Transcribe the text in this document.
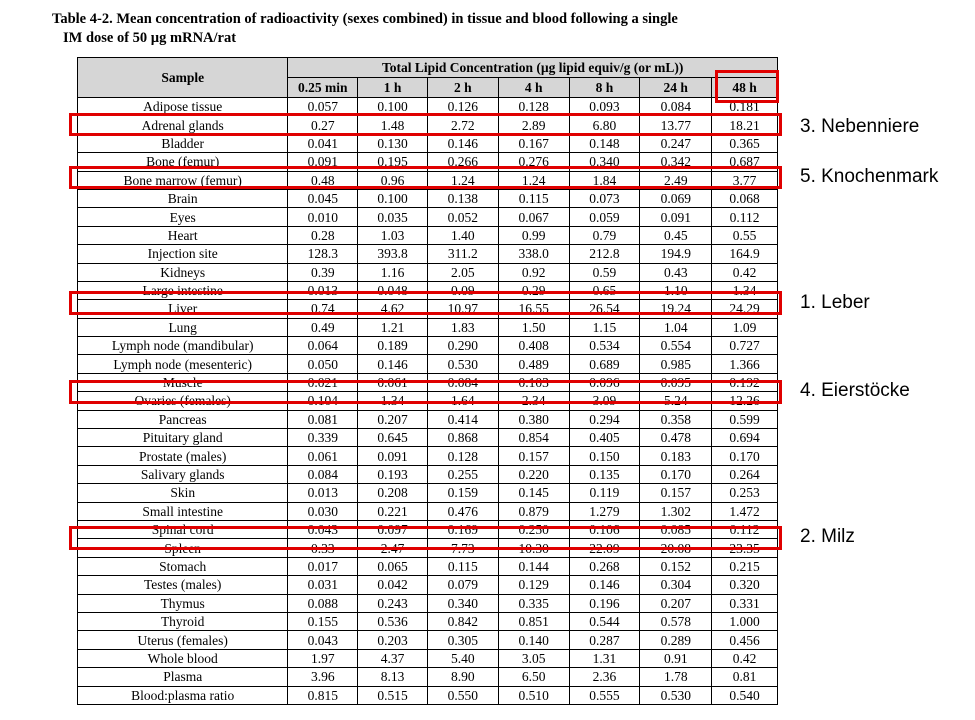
Table 4-2. Mean concentration of radioactivity (sexes combined) in tissue and blood following a single
IM dose of 50 µg mRNA/rat
Sample	Total Lipid Concentration (µg lipid equiv/g (or mL))						
	0.25 min	1 h	2 h	4 h	8 h	24 h	48 h
Adipose tissue	0.057	0.100	0.126	0.128	0.093	0.084	0.181
Adrenal glands	0.27	1.48	2.72	2.89	6.80	13.77	18.21
Bladder	0.041	0.130	0.146	0.167	0.148	0.247	0.365
Bone (femur)	0.091	0.195	0.266	0.276	0.340	0.342	0.687
Bone marrow (femur)	0.48	0.96	1.24	1.24	1.84	2.49	3.77
Brain	0.045	0.100	0.138	0.115	0.073	0.069	0.068
Eyes	0.010	0.035	0.052	0.067	0.059	0.091	0.112
Heart	0.28	1.03	1.40	0.99	0.79	0.45	0.55
Injection site	128.3	393.8	311.2	338.0	212.8	194.9	164.9
Kidneys	0.39	1.16	2.05	0.92	0.59	0.43	0.42
Large intestine	0.013	0.048	0.09	0.29	0.65	1.10	1.34
Liver	0.74	4.62	10.97	16.55	26.54	19.24	24.29
Lung	0.49	1.21	1.83	1.50	1.15	1.04	1.09
Lymph node (mandibular)	0.064	0.189	0.290	0.408	0.534	0.554	0.727
Lymph node (mesenteric)	0.050	0.146	0.530	0.489	0.689	0.985	1.366
Muscle	0.021	0.061	0.084	0.103	0.096	0.095	0.192
Ovaries (females)	0.104	1.34	1.64	2.34	3.09	5.24	12.26
Pancreas	0.081	0.207	0.414	0.380	0.294	0.358	0.599
Pituitary gland	0.339	0.645	0.868	0.854	0.405	0.478	0.694
Prostate (males)	0.061	0.091	0.128	0.157	0.150	0.183	0.170
Salivary glands	0.084	0.193	0.255	0.220	0.135	0.170	0.264
Skin	0.013	0.208	0.159	0.145	0.119	0.157	0.253
Small intestine	0.030	0.221	0.476	0.879	1.279	1.302	1.472
Spinal cord	0.043	0.097	0.169	0.250	0.106	0.085	0.112
Spleen	0.33	2.47	7.73	10.30	22.09	20.08	23.35
Stomach	0.017	0.065	0.115	0.144	0.268	0.152	0.215
Testes (males)	0.031	0.042	0.079	0.129	0.146	0.304	0.320
Thymus	0.088	0.243	0.340	0.335	0.196	0.207	0.331
Thyroid	0.155	0.536	0.842	0.851	0.544	0.578	1.000
Uterus (females)	0.043	0.203	0.305	0.140	0.287	0.289	0.456
Whole blood	1.97	4.37	5.40	3.05	1.31	0.91	0.42
Plasma	3.96	8.13	8.90	6.50	2.36	1.78	0.81
Blood:plasma ratio	0.815	0.515	0.550	0.510	0.555	0.530	0.540
3. Nebenniere
5. Knochenmark
1. Leber
4. Eierstöcke
2. Milz
